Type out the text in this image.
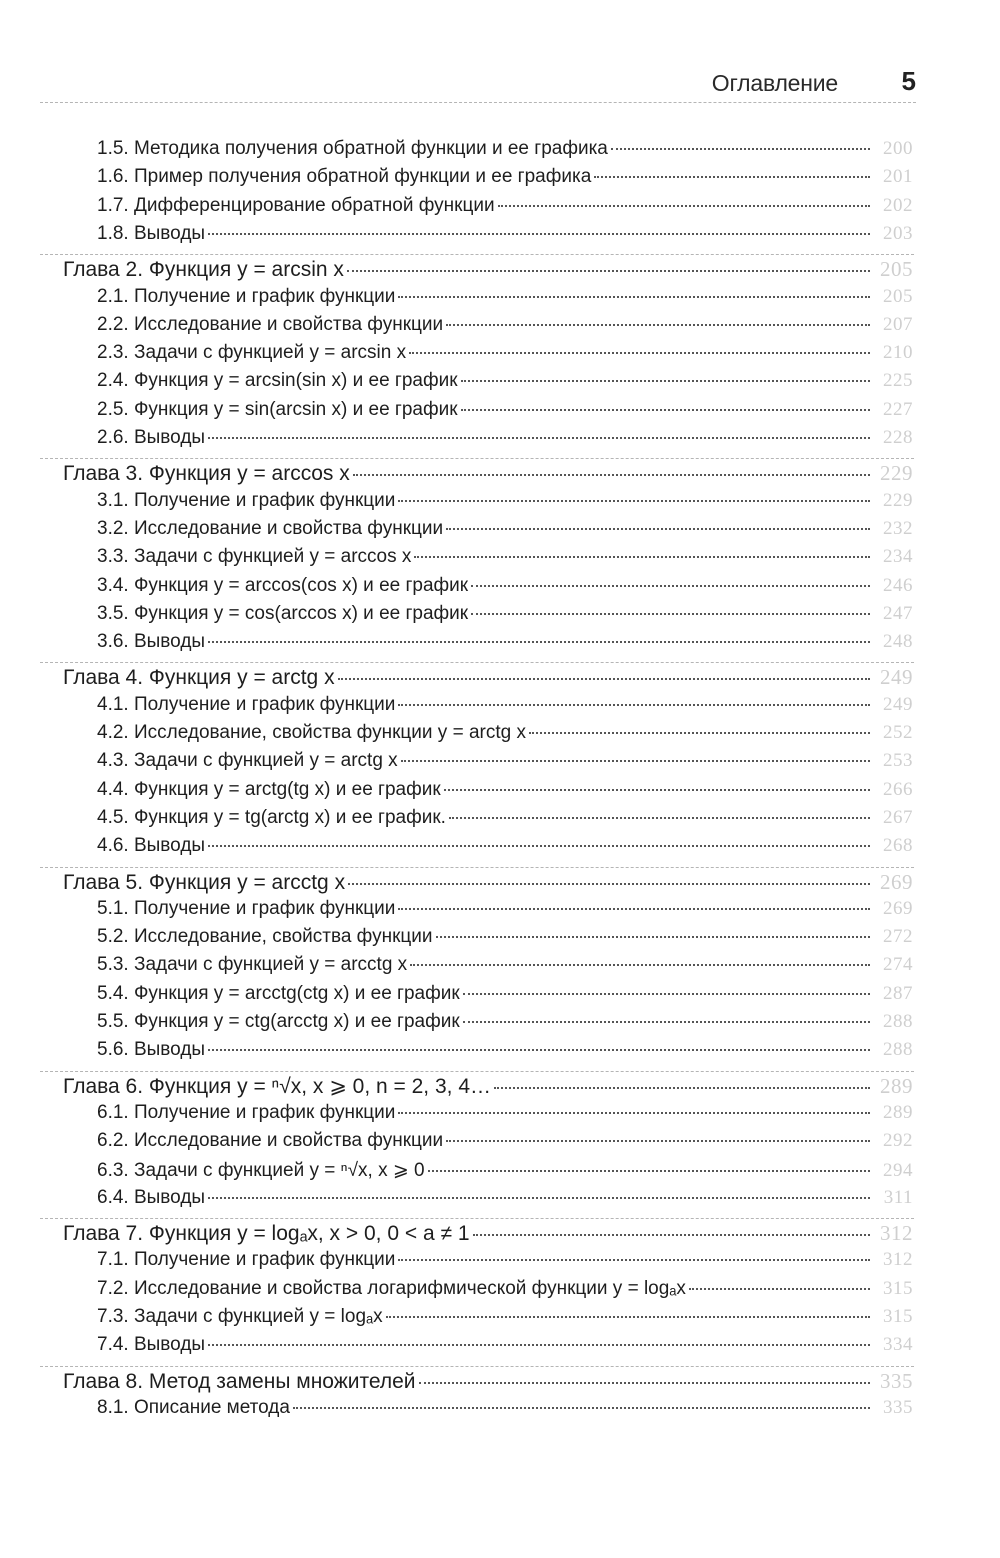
Оглавление 5
1.5. Методика получения обратной функции и ее графика	200
1.6. Пример получения обратной функции и ее графика	201
1.7. Дифференцирование обратной функции	202
1.8. Выводы	203
Глава 2. Функция y = arcsin x	205
2.1. Получение и график функции	205
2.2. Исследование и свойства функции	207
2.3. Задачи с функцией y = arcsin x	210
2.4. Функция y = arcsin(sin x) и ее график	225
2.5. Функция y = sin(arcsin x) и ее график	227
2.6. Выводы	228
Глава 3. Функция y = arccos x	229
3.1. Получение и график функции	229
3.2. Исследование и свойства функции	232
3.3. Задачи с функцией y = arccos x	234
3.4. Функция y = arccos(cos x) и ее график	246
3.5. Функция y = cos(arccos x) и ее график	247
3.6. Выводы	248
Глава 4. Функция y = arctg x	249
4.1. Получение и график функции	249
4.2. Исследование, свойства функции y = arctg x	252
4.3. Задачи с функцией y = arctg x	253
4.4. Функция y = arctg(tg x) и ее график	266
4.5. Функция y = tg(arctg x) и ее график.	267
4.6. Выводы	268
Глава 5. Функция y = arcctg x	269
5.1. Получение и график функции	269
5.2. Исследование, свойства функции	272
5.3. Задачи с функцией y = arcctg x	274
5.4. Функция y = arcctg(ctg x) и ее график	287
5.5. Функция y = ctg(arcctg x) и ее график	288
5.6. Выводы	288
Глава 6. Функция y = ⁿ√x, x ⩾ 0, n = 2, 3, 4…	289
6.1. Получение и график функции	289
6.2. Исследование и свойства функции	292
6.3. Задачи с функцией y = ⁿ√x, x ⩾ 0	294
6.4. Выводы	311
Глава 7. Функция y = logₐx, x > 0, 0 < a ≠ 1	312
7.1. Получение и график функции	312
7.2. Исследование и свойства логарифмической функции y = logₐx	315
7.3. Задачи с функцией y = logₐx	315
7.4. Выводы	334
Глава 8. Метод замены множителей	335
8.1. Описание метода	335
